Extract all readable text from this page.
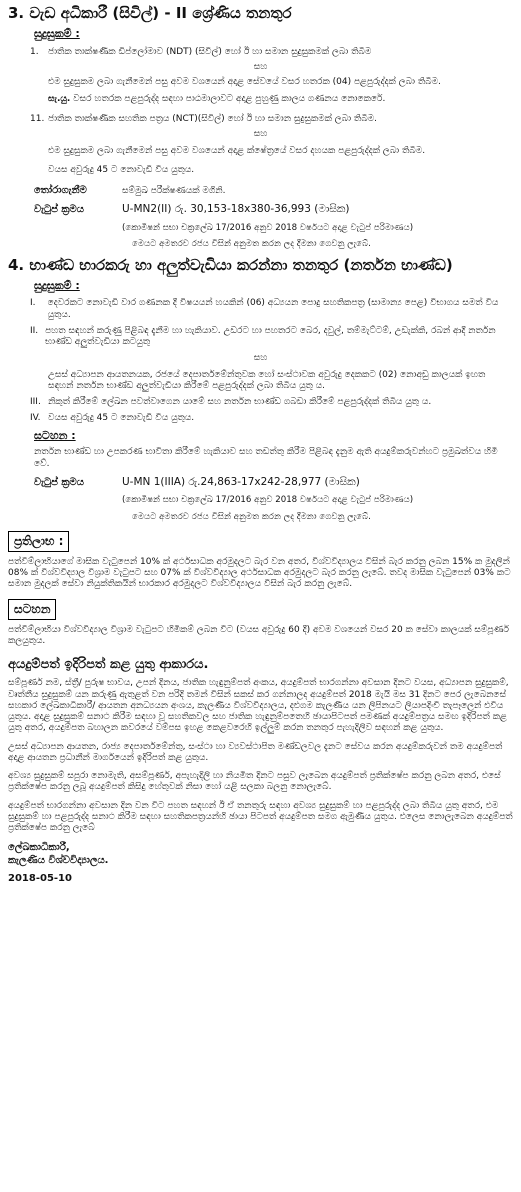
3. වැඩ අධිකාරී (සිවිල්) - II ශ්‍රේණිය තනතුර
සුදුසුකම් :
1.	ජාතික තාක්ෂණික ඩිප්ලෝමාව (NDT) (සිවිල්) හෝ ඊ හා සමාන සුදුසුකමක් ලබා තිබීම
සහ
එම සුදුසුකම ලබා ගැනීමෙන් පසු අවම වශයෙන් අදාළ සේවයේ වසර හතරක (04) පළපුරුද්දක් ලබා තිබීම.
සැ.යු. වසර හතරක පළපුරුද්ද සඳහා පාඨමාලාවට අදාළ පුහුණු කාලය ගණනය නොකෙරේ.
11. ජාතික තාක්ෂණික සහතික පත්‍රය (NCT)(සිවිල්) හෝ ඊ හා සමාන සුදුසුකමක් ලබා තිබීම.
සහ
එම සුදුසුකම ලබා ගැනීමෙන් පසු අවම වශයෙන් අදාළ ක්ෂේත්‍රයේ වසර දහයක පළපුරුද්දක් ලබා තිබීම.
වයස අවුරුදු 45 ට නොවැඩි විය යුතුය.
තෝරාගැනීම	සම්මුඛ පරීක්ෂණයක් මගිනි.
වැටුප් ක්‍රමය	U-MN2(II) රු. 30,153-18x380-36,993 (මාසික)
(කොමිෂන් සභා චක්‍රලේඛ 17/2016 අනුව 2018 වර්ෂයට අදාළ වැටුප් පරිමාණය)
මෙයට අමතරව රජය විසින් අනුමත කරන ලද දීමනා ගෙවනු ලැබේ.
4. භාණ්ඩ භාරකරු හා අලුත්වැඩියා කරන්නා තනතුර (නර්තන භාණ්ඩ)
සුදුසුකම් :
I.	දෙවරකට නොවැඩි වාර ගණනක දී විෂයයන් හයකින් (06) අධ්‍යයන පොදු සහතිකපත්‍ර (සාමාන්‍ය පෙළ) විභාගය සමත් විය යුතුය.
II. පහත සඳහන් කරුණු පිළිබඳ දැනීම හා හැකියාව. උඩරට හා පහතරට බෙර, දවුල්, තම්මැට්ටම්, උඩැක්කි, රබන් ආදී නර්තන භාණ්ඩ අලුත්වැඩියා කටයුතු
සහ
උසස් අධ්‍යාපන ආයතනයක, රජයේ දෙපාර්තමේන්තුවක හෝ සංස්ථාවක අවුරුදු දෙකකට (02) නොඅඩු කාලයක් ඉහත සඳහන් නර්තන භාණ්ඩ අලුත්වැඩියා කිරීමේ පළපුරුද්දක් ලබා තිබිය යුතු ය.
III. නිකුත් කිරීමේ ලේඛන පවත්වාගෙන යාමේ සහ නර්තන භාණ්ඩ ගබඩා කිරීමේ පළපුරුද්දක් තිබිය යුතු ය.
IV. වයස අවුරුදු 45 ට නොවැඩි විය යුතුය.
සටහන :
නර්තන භාණ්ඩ හා උපකරණ භාවිතා කිරීමේ හැකියාව සහ තඩත්තු කිරීම පිළිබඳ දැනුම ඇති අයදුම්කරුවන්හට ප්‍රමුඛත්වය හිමි වේ.
වැටුප් ක්‍රමය	U-MN 1(IIIA) රු.24,863-17x242-28,977 (මාසික)
(කොමිෂන් සභා චක්‍රලේඛ 17/2016 අනුව 2018 වර්ෂයට අදාළ වැටුප් පරිමාණය)
මෙයට අමතරව රජය විසින් අනුමත කරන ලද දීමනා ගෙවනු ලැබේ.
ප්‍රතිලාභ :
පත්වීම්ලාභියාගේ මාසික වැටුපෙන් 10% ක් අර්ථසාධක අරමුදලට බැර වන අතර, විශ්වවිද්‍යාලය විසින් බැර කරනු ලබන 15% ක මුදලින් 08% ක් විශ්වවිද්‍යාල විශ්‍රාම වැටුපට සහ 07% ක් විශ්වවිද්‍යාල අර්ථසාධක අරමුදලට බැර කරනු ලැබේ. තවද මාසික වැටුපෙන් 03% කට සමාන මුදලක් සේවා නියුක්තිකයින් භාරකාර අරමුදලට විශ්වවිද්‍යාලය විසින් බැර කරනු ලැබේ.
සටහන
පත්වීම්ලාභියා විශ්වවිද්‍යාල විශ්‍රාම වැටුපට හිමිකම් ලබන විට (වයස අවුරුදු 60 දී) අවම වශයෙන් වසර 20 ක සේවා කාලයක් සම්පූර්ණ කලයුතුය.
අයදුම්පත් ඉදිරිපත් කළ යුතු ආකාරය.
සම්පූර්ණ නම, ස්ත්‍රී/ පුරුෂ භාවය, උපන් දිනය, ජාතික හැඳුනුම්පත් අංකය, අයදුම්පත් භාරගන්නා අවසාන දිනට වයස, අධ්‍යාපන සුදුසුකම්, වෘත්තීය සුදුසුකම් යන කරුණු ඇතුළත් වන පරිදි තමන් විසින් සකස් කර ගන්නාලද අයදුම්පත් 2018 මැයි මස 31 දිනට පෙර ලැබෙනසේ සහකාර ලේඛකාධිකාරී/ ආයතන අනධ්‍යයන අංශය, කැලණිය විශ්වවිද්‍යාලය, දළුගම කැලණිය යන ලිපිනයට ලියාපදිංචි තැපෑලෙන් එවිය යුතුය. අදාළ සුදුසුකම් සනාථ කිරීම සඳහා වූ සහතිකවල සහ ජාතික හැඳුනුම්පතෙහි ඡායාපිටපත් පමණක් අයදුම්පත්‍රය සමඟ ඉදිරිපත් කළ යුතු අතර, අයදුම්පත බහාලන කවරයේ වම්පස ඉහළ කෙළවරෙහි ඉල්ලුම් කරන තනතුර පැහැදිලිව සඳහන් කළ යුතුය.
උසස් අධ්‍යාපන ආයතන, රාජ්‍ය දෙපාර්තමේන්තු, සංස්ථා හා ව්‍යවස්ථාපිත මණ්ඩලවල දැනට සේවය කරන අයදුම්කරුවන් තම අයදුම්පත් අදාළ ආයතන ප්‍රධානීන් මාර්ගයෙන් ඉදිරිපත් කළ යුතුය.
අවශ්‍ය සුදුසුකම් සපුරා නොමැති, අසම්පූර්ණ, අපැහැදිලි හා නියමිත දිනට පසුව ලැබෙන අයදුම්පත් ප්‍රතික්ෂේප කරනු ලබන අතර, එසේ ප්‍රතික්ෂේප කරනු ලබූ අයදුම්පත් කිසිදු හේතුවක් නිසා හෝ යළි සලකා බලනු නොලැබේ.
අයදුම්පත් භාරගන්නා අවසාන දින වන විට පහත සඳහන් ඊ ඒ තනතුරු සඳහා අවශ්‍ය සුදුසුකම් හා පළපුරුද්ද ලබා තිබිය යුතු අතර, එම සුදුසුකම් හා පළපුරුද්ද සනාථ කිරීම සඳහා සහතිකපත්‍රයන්හි ඡායා පිටපත් අයදුම්පත සමග ඇමුණිය යුතුය. එලෙස නොලැබෙන අයදුම්පත් ප්‍රතික්ෂේප කරනු ලැබේ
ලේඛකාධිකාරී,
කැලණිය විශ්වවිද්‍යාලය.
2018-05-10
